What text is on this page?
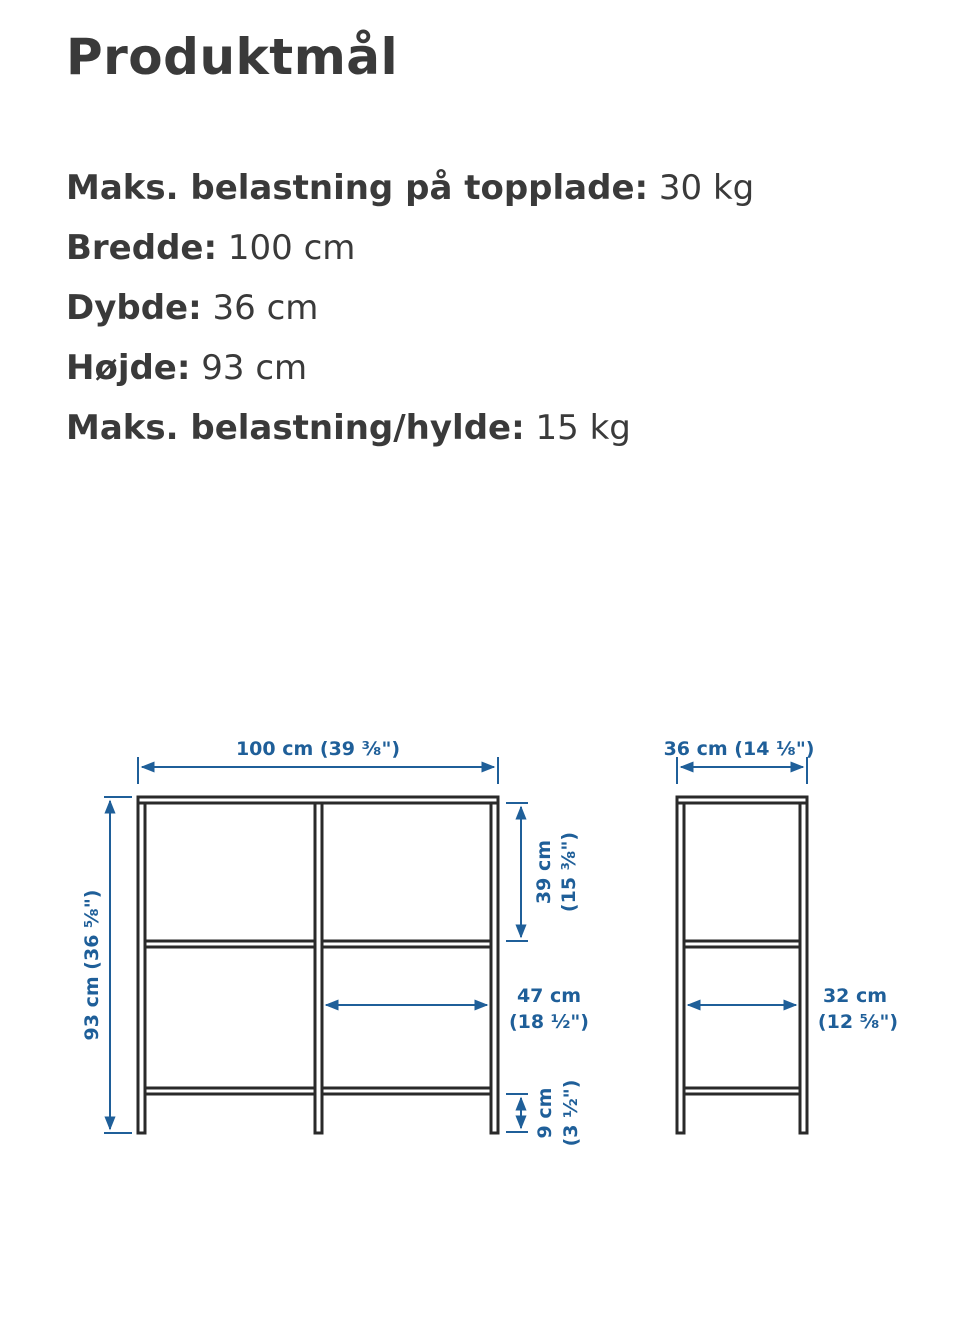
Produktmål
Maks. belastning på topplade: 30 kg
Bredde: 100 cm
Dybde: 36 cm
Højde: 93 cm
Maks. belastning/hylde: 15 kg
100 cm (39 ³⁄₈")
93 cm (36 ⁵⁄₈")
39 cm (15 ³⁄₈")
47 cm
(18 ½")
9 cm (3 ½")
36 cm (14 ¹⁄₈")
32 cm
(12 ⁵⁄₈")
